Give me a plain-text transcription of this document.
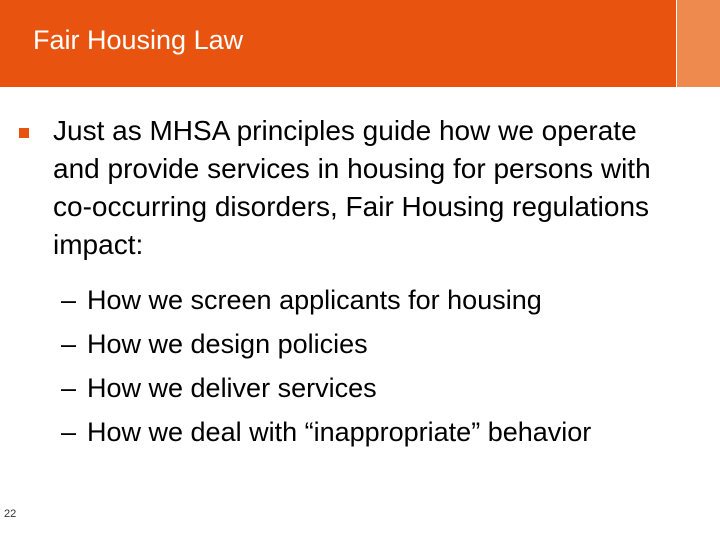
Fair Housing Law
Just as MHSA principles guide how we operate and provide services in housing for persons with co-occurring disorders, Fair Housing regulations impact:
– How we screen applicants for housing
– How we design policies
– How we deliver services
– How we deal with “inappropriate” behavior
22
